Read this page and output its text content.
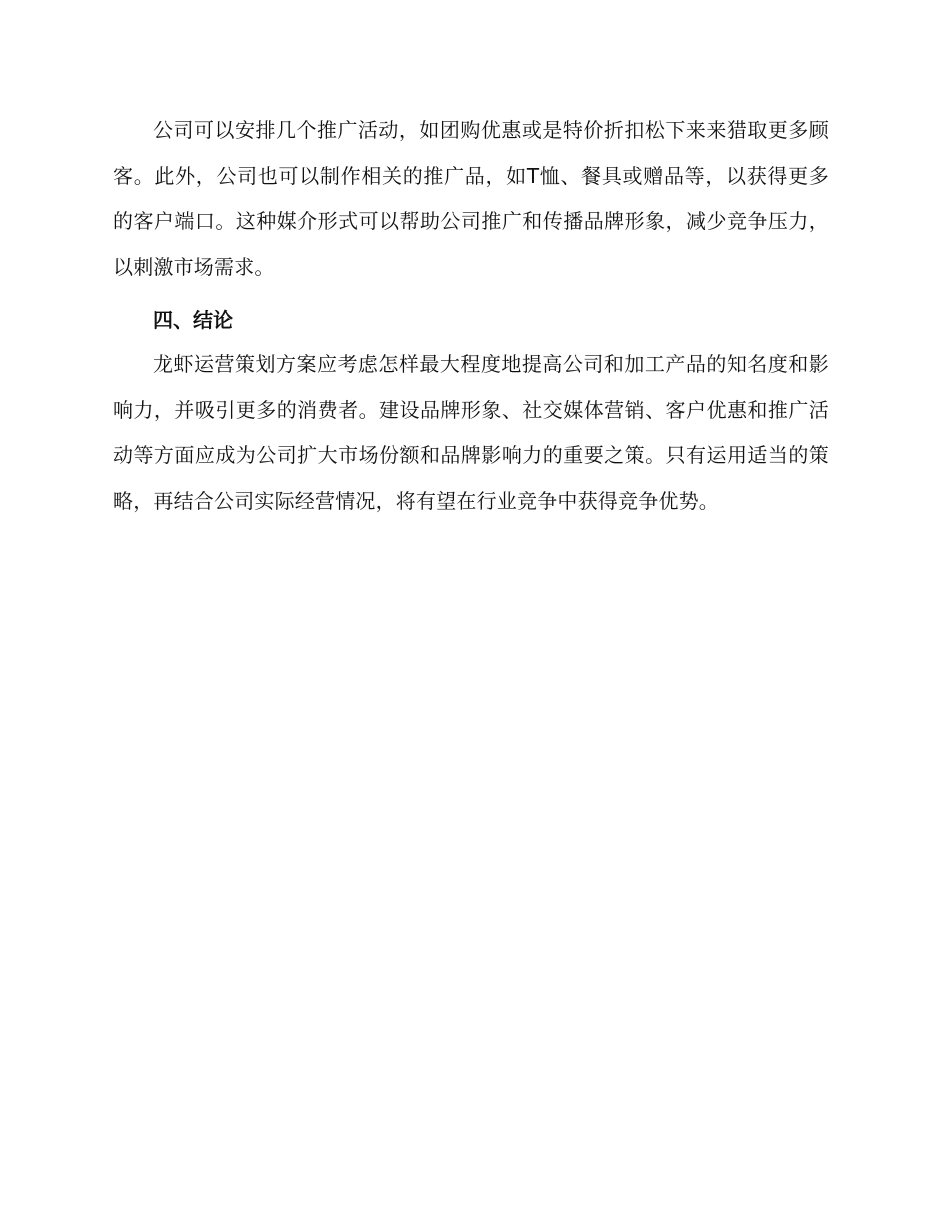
公司可以安排几个推广活动，如团购优惠或是特价折扣松下来来猎取更多顾客。此外，公司也可以制作相关的推广品，如T恤、餐具或赠品等，以获得更多的客户端口。这种媒介形式可以帮助公司推广和传播品牌形象，减少竞争压力，以刺激市场需求。

四、结论

龙虾运营策划方案应考虑怎样最大程度地提高公司和加工产品的知名度和影响力，并吸引更多的消费者。建设品牌形象、社交媒体营销、客户优惠和推广活动等方面应成为公司扩大市场份额和品牌影响力的重要之策。只有运用适当的策略，再结合公司实际经营情况，将有望在行业竞争中获得竞争优势。
